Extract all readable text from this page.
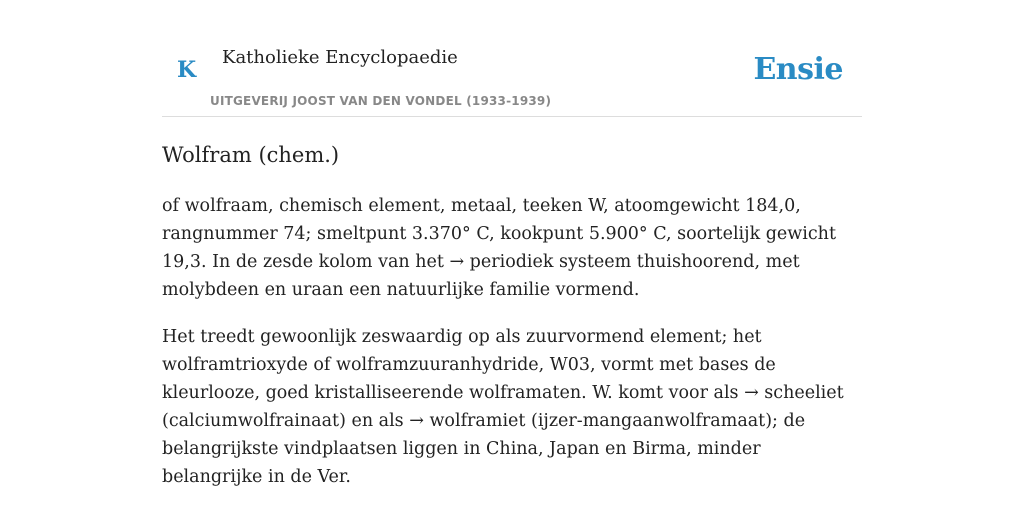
K Katholieke Encyclopaedie
UITGEVERIJ JOOST VAN DEN VONDEL (1933-1939)
Ensie
Wolfram (chem.)

of wolfraam, chemisch element, metaal, teeken W, atoomgewicht 184,0, rangnummer 74; smeltpunt 3.370° C, kookpunt 5.900° C, soortelijk gewicht 19,3. In de zesde kolom van het → periodiek systeem thuishoorend, met molybdeen en uraan een natuurlijke familie vormend.

Het treedt gewoonlijk zeswaardig op als zuurvormend element; het wolframtrioxyde of wolframzuuranhydride, W03, vormt met bases de kleurlooze, goed kristalliseerende wolframaten. W. komt voor als → scheeliet (calciumwolfrainaat) en als → wolframiet (ijzer-mangaanwolframaat); de belangrijkste vindplaatsen liggen in China, Japan en Birma, minder belangrijke in de Ver.
